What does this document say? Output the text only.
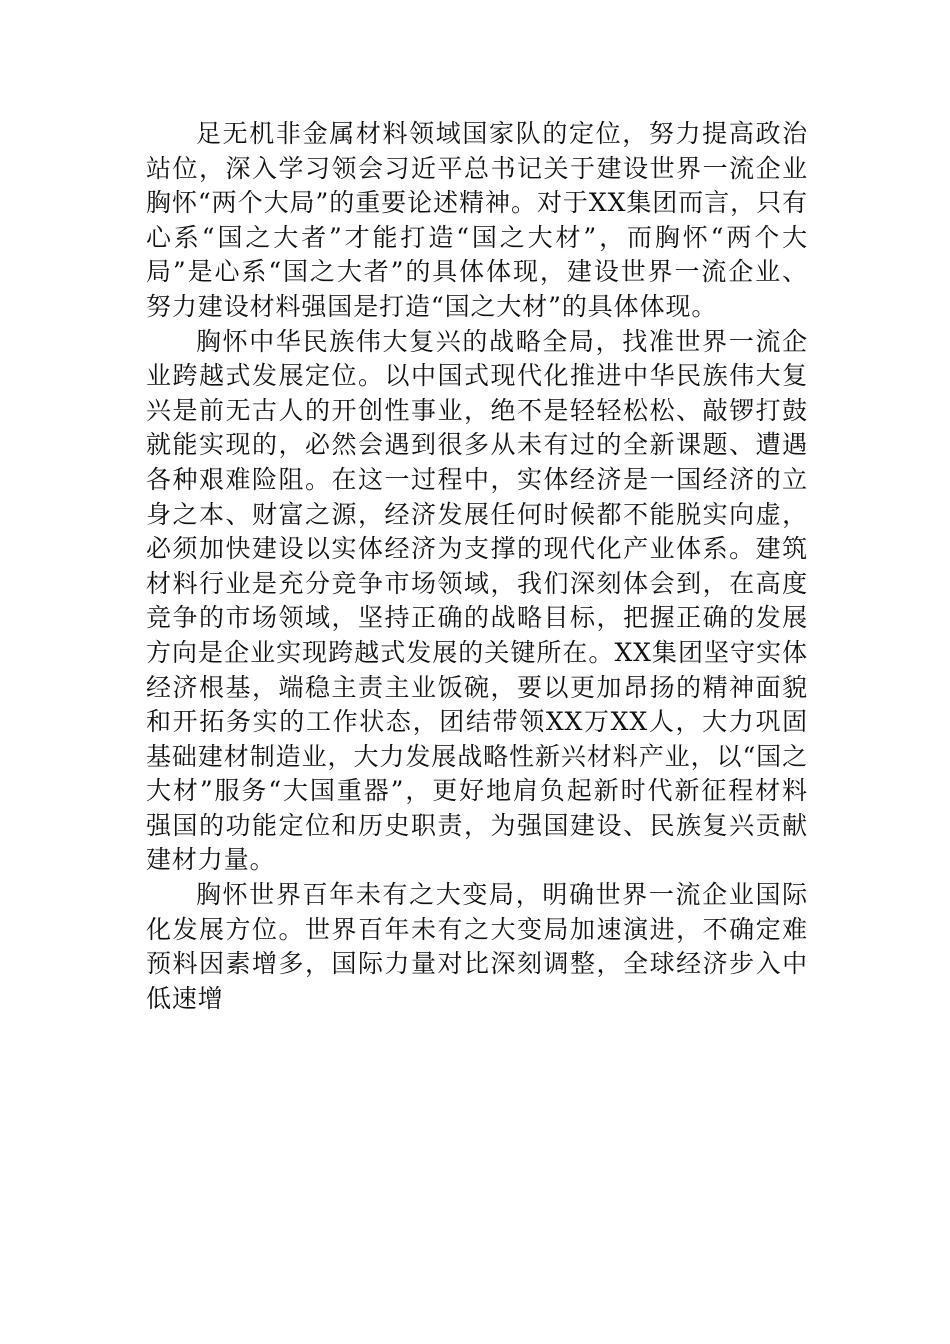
足无机非金属材料领域国家队的定位，努力提高政治站位，深入学习领会习近平总书记关于建设世界一流企业胸怀“两个大局”的重要论述精神。对于XX集团而言，只有心系“国之大者”才能打造“国之大材”，而胸怀“两个大局”是心系“国之大者”的具体体现，建设世界一流企业、努力建设材料强国是打造“国之大材”的具体体现。

胸怀中华民族伟大复兴的战略全局，找准世界一流企业跨越式发展定位。以中国式现代化推进中华民族伟大复兴是前无古人的开创性事业，绝不是轻轻松松、敲锣打鼓就能实现的，必然会遇到很多从未有过的全新课题、遭遇各种艰难险阻。在这一过程中，实体经济是一国经济的立身之本、财富之源，经济发展任何时候都不能脱实向虚，必须加快建设以实体经济为支撑的现代化产业体系。建筑材料行业是充分竞争市场领域，我们深刻体会到，在高度竞争的市场领域，坚持正确的战略目标，把握正确的发展方向是企业实现跨越式发展的关键所在。XX集团坚守实体经济根基，端稳主责主业饭碗，要以更加昂扬的精神面貌和开拓务实的工作状态，团结带领XX万XX人，大力巩固基础建材制造业，大力发展战略性新兴材料产业，以“国之大材”服务“大国重器”，更好地肩负起新时代新征程材料强国的功能定位和历史职责，为强国建设、民族复兴贡献建材力量。

胸怀世界百年未有之大变局，明确世界一流企业国际化发展方位。世界百年未有之大变局加速演进，不确定难预料因素增多，国际力量对比深刻调整，全球经济步入中低速增
